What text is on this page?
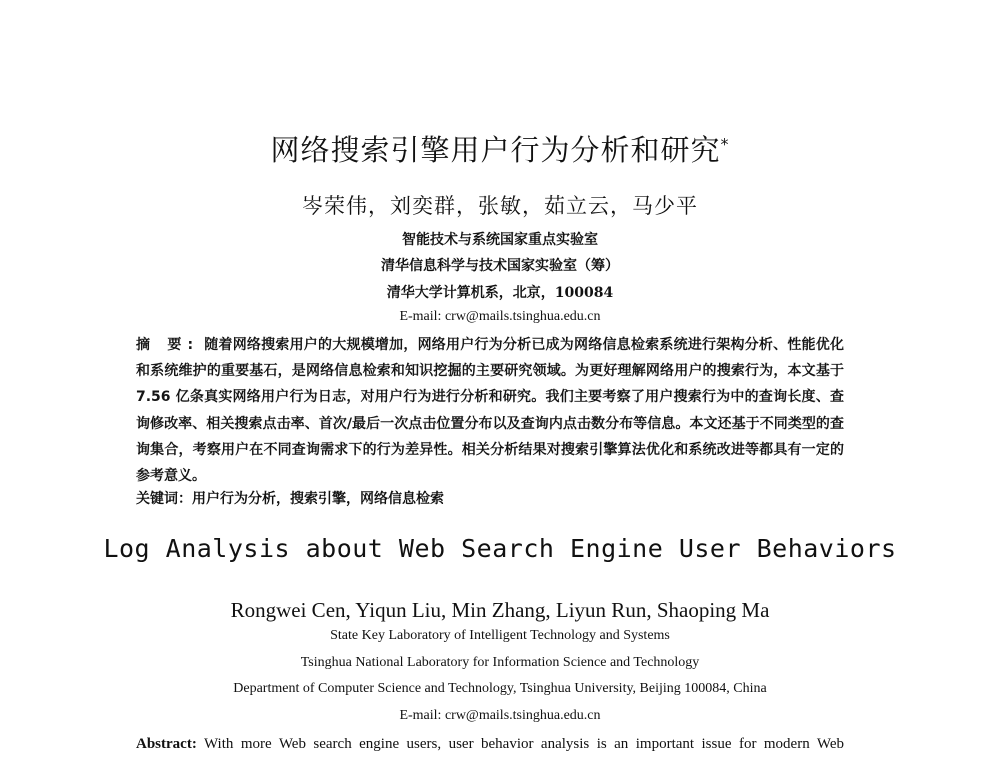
网络搜索引擎用户行为分析和研究*
岑荣伟，刘奕群，张敏，茹立云，马少平
智能技术与系统国家重点实验室
清华信息科学与技术国家实验室（筹）
清华大学计算机系，北京，100084
E-mail: crw@mails.tsinghua.edu.cn
摘 要: 随着网络搜索用户的大规模增加，网络用户行为分析已成为网络信息检索系统进行架构分析、性能优化和系统维护的重要基石，是网络信息检索和知识挖掘的主要研究领域。为更好理解网络用户的搜索行为，本文基于 7.56 亿条真实网络用户行为日志，对用户行为进行分析和研究。我们主要考察了用户搜索行为中的查询长度、查询修改率、相关搜索点击率、首次/最后一次点击位置分布以及查询内点击数分布等信息。本文还基于不同类型的查询集合，考察用户在不同查询需求下的行为差异性。相关分析结果对搜索引擎算法优化和系统改进等都具有一定的参考意义。
关键词：用户行为分析，搜索引擎，网络信息检索
Log Analysis about Web Search Engine User Behaviors
Rongwei Cen, Yiqun Liu, Min Zhang, Liyun Run, Shaoping Ma
State Key Laboratory of Intelligent Technology and Systems
Tsinghua National Laboratory for Information Science and Technology
Department of Computer Science and Technology, Tsinghua University, Beijing 100084, China
E-mail: crw@mails.tsinghua.edu.cn
Abstract: With more Web search engine users, user behavior analysis is an important issue for modern Web
